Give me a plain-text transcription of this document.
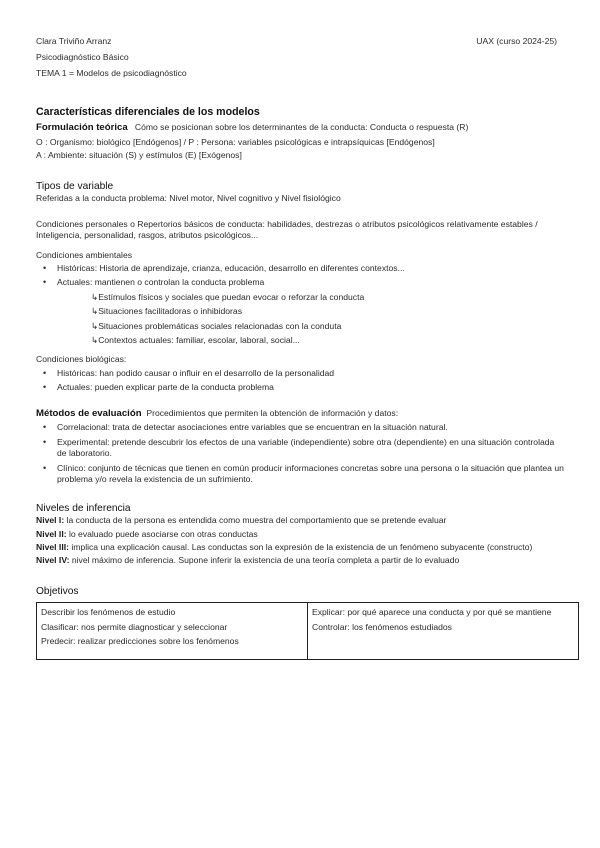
Clara Triviño Arranz
Psicodiagnóstico Básico
TEMA 1 = Modelos de psicodiagnóstico
UAX (curso 2024-25)
Características diferenciales de los modelos

Formulación teórica Cómo se posicionan sobre los determinantes de la conducta: Conducta o respuesta (R)

O : Organismo: biológico [Endógenos] / P : Persona: variables psicológicas e intrapsíquicas [Endógenos]

A : Ambiente: situación (S) y estímulos (E) [Exógenos]

Tipos de variable

Referidas a la conducta problema: Nivel motor, Nivel cognitivo y Nivel fisiológico

Condiciones personales o Repertorios básicos de conducta: habilidades, destrezas o atributos psicológicos relativamente estables / Inteligencia, personalidad, rasgos, atributos psicológicos...

Condiciones ambientales

• Históricas: Historia de aprendizaje, crianza, educación, desarrollo en diferentes contextos...
• Actuales: mantienen o controlan la conducta problema
↳Estímulos físicos y sociales que puedan evocar o reforzar la conducta
↳Situaciones facilitadoras o inhibidoras
↳Situaciones problemáticas sociales relacionadas con la conduta
↳Contextos actuales: familiar, escolar, laboral, social...

Condiciones biológicas:

• Históricas: han podido causar o influir en el desarrollo de la personalidad
• Actuales: pueden explicar parte de la conducta problema

Métodos de evaluación Procedimientos que permiten la obtención de información y datos:

• Correlacional: trata de detectar asociaciones entre variables que se encuentran en la situación natural.
• Experimental: pretende descubrir los efectos de una variable (independiente) sobre otra (dependiente) en una situación controlada de laboratorio.
• Clínico: conjunto de técnicas que tienen en común producir informaciones concretas sobre una persona o la situación que plantea un problema y/o revela la existencia de un sufrimiento.
Niveles de inferencia

Nivel I: la conducta de la persona es entendida como muestra del comportamiento que se pretende evaluar

Nivel II: lo evaluado puede asociarse con otras conductas

Nivel III: implica una explicación causal. Las conductas son la expresión de la existencia de un fenómeno subyacente (constructo)

Nivel IV: nivel máximo de inferencia. Supone inferir la existencia de una teoría completa a partir de lo evaluado

Objetivos
Describir los fenómenos de estudio
Clasificar: nos permite diagnosticar y seleccionar
Predecir: realizar predicciones sobre los fenómenos

Explicar: por qué aparece una conducta y por qué se mantiene
Controlar: los fenómenos estudiados
